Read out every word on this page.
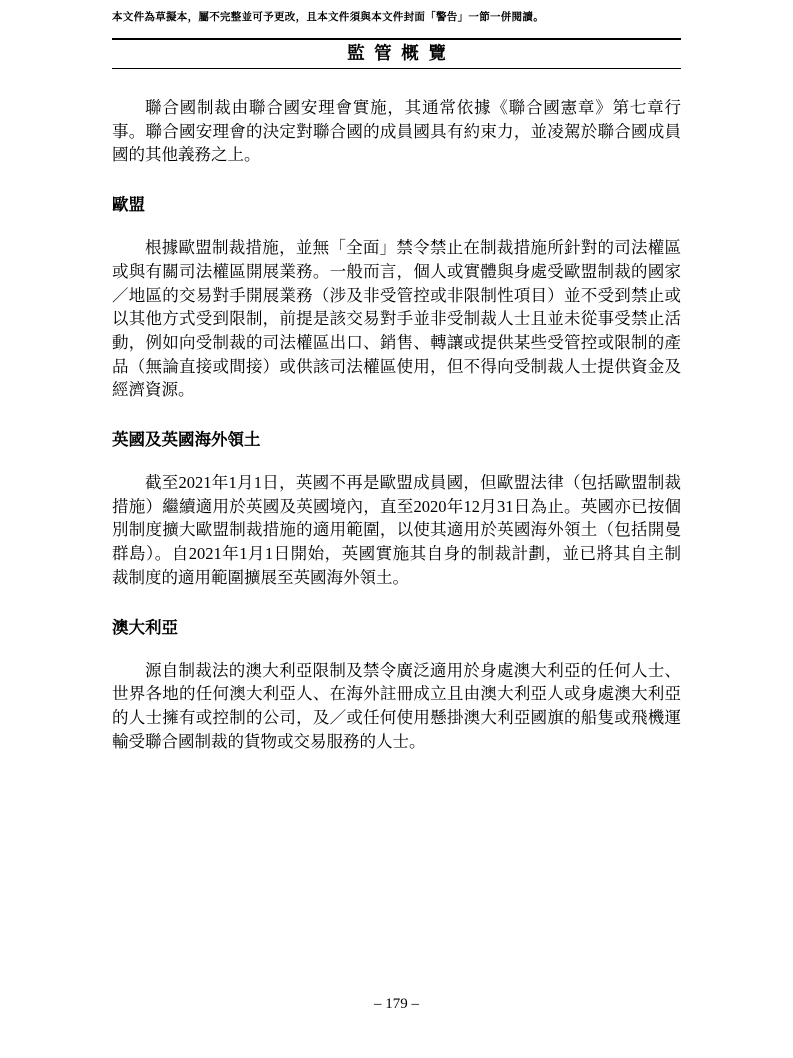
本文件為草擬本，屬不完整並可予更改，且本文件須與本文件封面「警告」一節一併閱讀。
監管概覽

聯合國制裁由聯合國安理會實施，其通常依據《聯合國憲章》第七章行事。聯合國安理會的決定對聯合國的成員國具有約束力，並凌駕於聯合國成員國的其他義務之上。

歐盟

根據歐盟制裁措施，並無「全面」禁令禁止在制裁措施所針對的司法權區或與有關司法權區開展業務。一般而言，個人或實體與身處受歐盟制裁的國家／地區的交易對手開展業務（涉及非受管控或非限制性項目）並不受到禁止或以其他方式受到限制，前提是該交易對手並非受制裁人士且並未從事受禁止活動，例如向受制裁的司法權區出口、銷售、轉讓或提供某些受管控或限制的產品（無論直接或間接）或供該司法權區使用，但不得向受制裁人士提供資金及經濟資源。

英國及英國海外領土

截至2021年1月1日，英國不再是歐盟成員國，但歐盟法律（包括歐盟制裁措施）繼續適用於英國及英國境內，直至2020年12月31日為止。英國亦已按個別制度擴大歐盟制裁措施的適用範圍，以使其適用於英國海外領土（包括開曼群島）。自2021年1月1日開始，英國實施其自身的制裁計劃，並已將其自主制裁制度的適用範圍擴展至英國海外領土。

澳大利亞

源自制裁法的澳大利亞限制及禁令廣泛適用於身處澳大利亞的任何人士、世界各地的任何澳大利亞人、在海外註冊成立且由澳大利亞人或身處澳大利亞的人士擁有或控制的公司，及／或任何使用懸掛澳大利亞國旗的船隻或飛機運輸受聯合國制裁的貨物或交易服務的人士。

– 179 –
